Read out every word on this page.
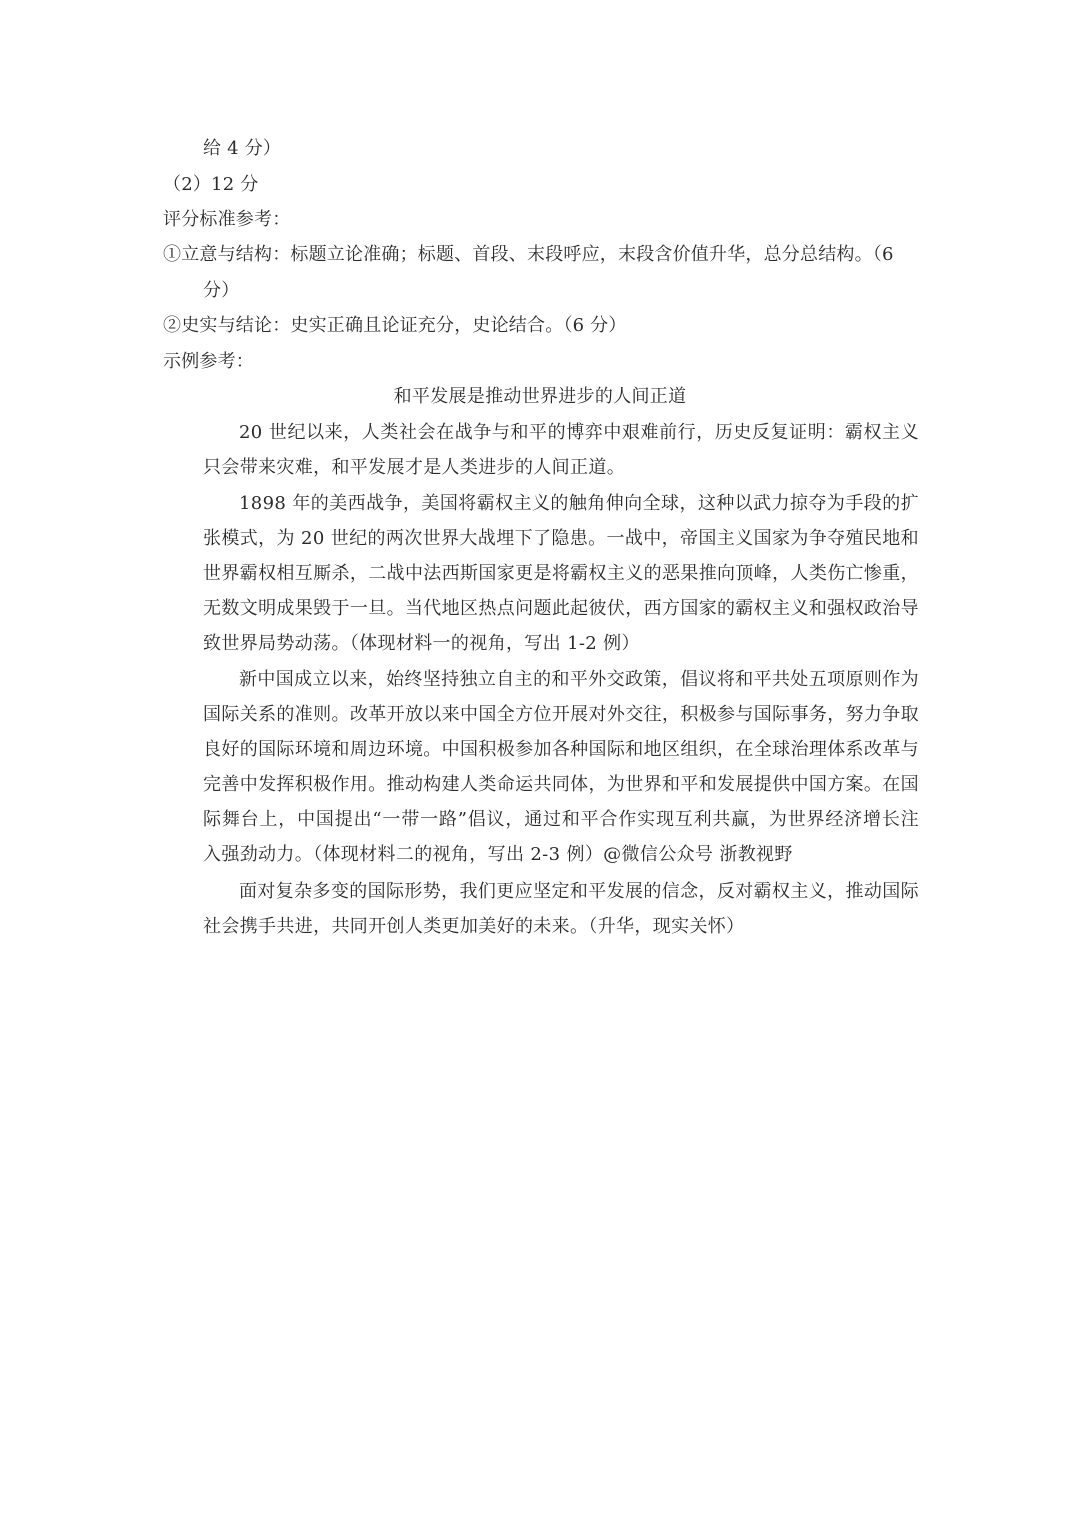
给 4 分）
（2）12 分
评分标准参考：
①立意与结构：标题立论准确；标题、首段、末段呼应，末段含价值升华，总分总结构。（6
分）
②史实与结论：史实正确且论证充分，史论结合。（6 分）
示例参考：
和平发展是推动世界进步的人间正道
20 世纪以来，人类社会在战争与和平的博弈中艰难前行，历史反复证明：霸权主义只会带来灾难，和平发展才是人类进步的人间正道。
1898 年的美西战争，美国将霸权主义的触角伸向全球，这种以武力掠夺为手段的扩张模式，为 20 世纪的两次世界大战埋下了隐患。一战中，帝国主义国家为争夺殖民地和世界霸权相互厮杀，二战中法西斯国家更是将霸权主义的恶果推向顶峰，人类伤亡惨重，无数文明成果毁于一旦。当代地区热点问题此起彼伏，西方国家的霸权主义和强权政治导致世界局势动荡。（体现材料一的视角，写出 1-2 例）
新中国成立以来，始终坚持独立自主的和平外交政策，倡议将和平共处五项原则作为国际关系的准则。改革开放以来中国全方位开展对外交往，积极参与国际事务，努力争取良好的国际环境和周边环境。中国积极参加各种国际和地区组织，在全球治理体系改革与完善中发挥积极作用。推动构建人类命运共同体，为世界和平和发展提供中国方案。在国际舞台上，中国提出“一带一路”倡议，通过和平合作实现互利共赢，为世界经济增长注入强劲动力。（体现材料二的视角，写出 2-3 例）@微信公众号 浙教视野
面对复杂多变的国际形势，我们更应坚定和平发展的信念，反对霸权主义，推动国际社会携手共进，共同开创人类更加美好的未来。（升华，现实关怀）
